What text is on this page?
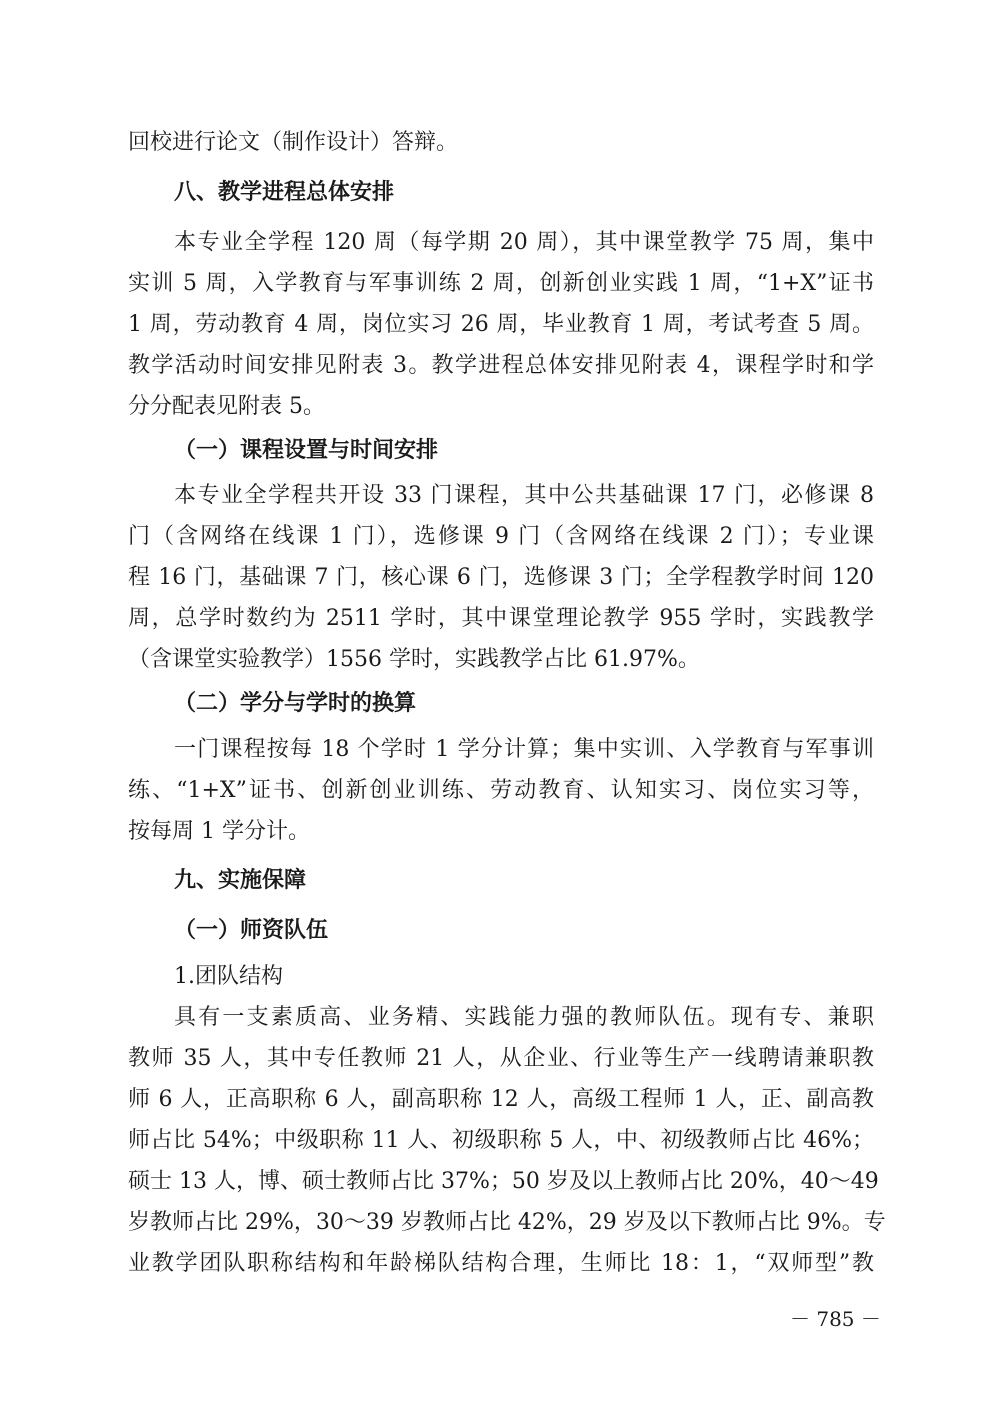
回校进行论文（制作设计）答辩。
八、教学进程总体安排
本专业全学程 120 周（每学期 20 周），其中课堂教学 75 周，集中
实训 5 周，入学教育与军事训练 2 周，创新创业实践 1 周，“1+X”证书
1 周，劳动教育 4 周，岗位实习 26 周，毕业教育 1 周，考试考查 5 周。
教学活动时间安排见附表 3。教学进程总体安排见附表 4，课程学时和学
分分配表见附表 5。
（一）课程设置与时间安排
本专业全学程共开设 33 门课程，其中公共基础课 17 门，必修课 8
门（含网络在线课 1 门），选修课 9 门（含网络在线课 2 门）；专业课
程 16 门，基础课 7 门，核心课 6 门，选修课 3 门；全学程教学时间 120
周，总学时数约为 2511 学时，其中课堂理论教学 955 学时，实践教学
（含课堂实验教学）1556 学时，实践教学占比 61.97%。
（二）学分与学时的换算
一门课程按每 18 个学时 1 学分计算；集中实训、入学教育与军事训
练、“1+X”证书、创新创业训练、劳动教育、认知实习、岗位实习等，
按每周 1 学分计。
九、实施保障
（一）师资队伍
1.团队结构
具有一支素质高、业务精、实践能力强的教师队伍。现有专、兼职
教师 35 人，其中专任教师 21 人，从企业、行业等生产一线聘请兼职教
师 6 人，正高职称 6 人，副高职称 12 人，高级工程师 1 人，正、副高教
师占比 54%；中级职称 11 人、初级职称 5 人，中、初级教师占比 46%；
硕士 13 人，博、硕士教师占比 37%；50 岁及以上教师占比 20%，40～49
岁教师占比 29%，30～39 岁教师占比 42%，29 岁及以下教师占比 9%。专
业教学团队职称结构和年龄梯队结构合理，生师比 18：1，“双师型”教
－ 785 －
